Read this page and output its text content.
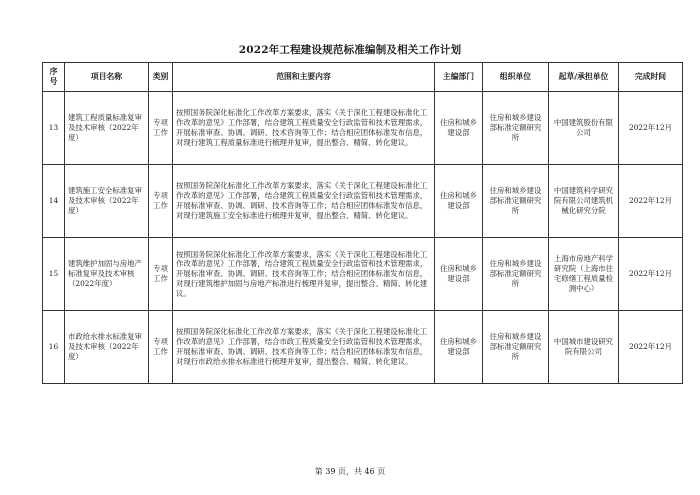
2022年工程建设规范标准编制及相关工作计划
序号	项目名称	类别	范围和主要内容	主编部门	组织单位	起草/承担单位	完成时间
13	建筑工程质量标准复审及技术审核（2022年度）	专项工作	按照国务院深化标准化工作改革方案要求，落实《关于深化工程建设标准化工作改革的意见》工作部署，结合建筑工程质量安全行政监管和技术管理需求，开展标准审查、协调、调研、技术咨询等工作；结合相应团体标准发布信息，对现行建筑工程质量标准进行梳理并复审，提出整合、精简、转化建议。	住房和城乡建设部	住房和城乡建设部标准定额研究所	中国建筑股份有限公司	2022年12月
14	建筑施工安全标准复审及技术审核（2022年度）	专项工作	按照国务院深化标准化工作改革方案要求，落实《关于深化工程建设标准化工作改革的意见》工作部署，结合建筑工程质量安全行政监管和技术管理需求，开展标准审查、协调、调研、技术咨询等工作；结合相应团体标准发布信息，对现行建筑施工安全标准进行梳理并复审，提出整合、精简、转化建议。	住房和城乡建设部	住房和城乡建设部标准定额研究所	中国建筑科学研究院有限公司建筑机械化研究分院	2022年12月
15	建筑维护加固与房地产标准复审及技术审核（2022年度）	专项工作	按照国务院深化标准化工作改革方案要求，落实《关于深化工程建设标准化工作改革的意见》工作部署，结合建筑工程质量安全行政监管和技术管理需求，开展标准审查、协调、调研、技术咨询等工作；结合相应团体标准发布信息，对现行建筑维护加固与房地产标准进行梳理并复审，提出整合、精简、转化建议。	住房和城乡建设部	住房和城乡建设部标准定额研究所	上海市房地产科学研究院（上海市住宅修缮工程质量检测中心）	2022年12月
16	市政给水排水标准复审及技术审核（2022年度）	专项工作	按照国务院深化标准化工作改革方案要求，落实《关于深化工程建设标准化工作改革的意见》工作部署，结合市政工程质量安全行政监管和技术管理需求，开展标准审查、协调、调研、技术咨询等工作；结合相应团体标准发布信息，对现行市政给水排水标准进行梳理并复审，提出整合、精简、转化建议。	住房和城乡建设部	住房和城乡建设部标准定额研究所	中国城市建设研究院有限公司	2022年12月
第 39 页，共 46 页
